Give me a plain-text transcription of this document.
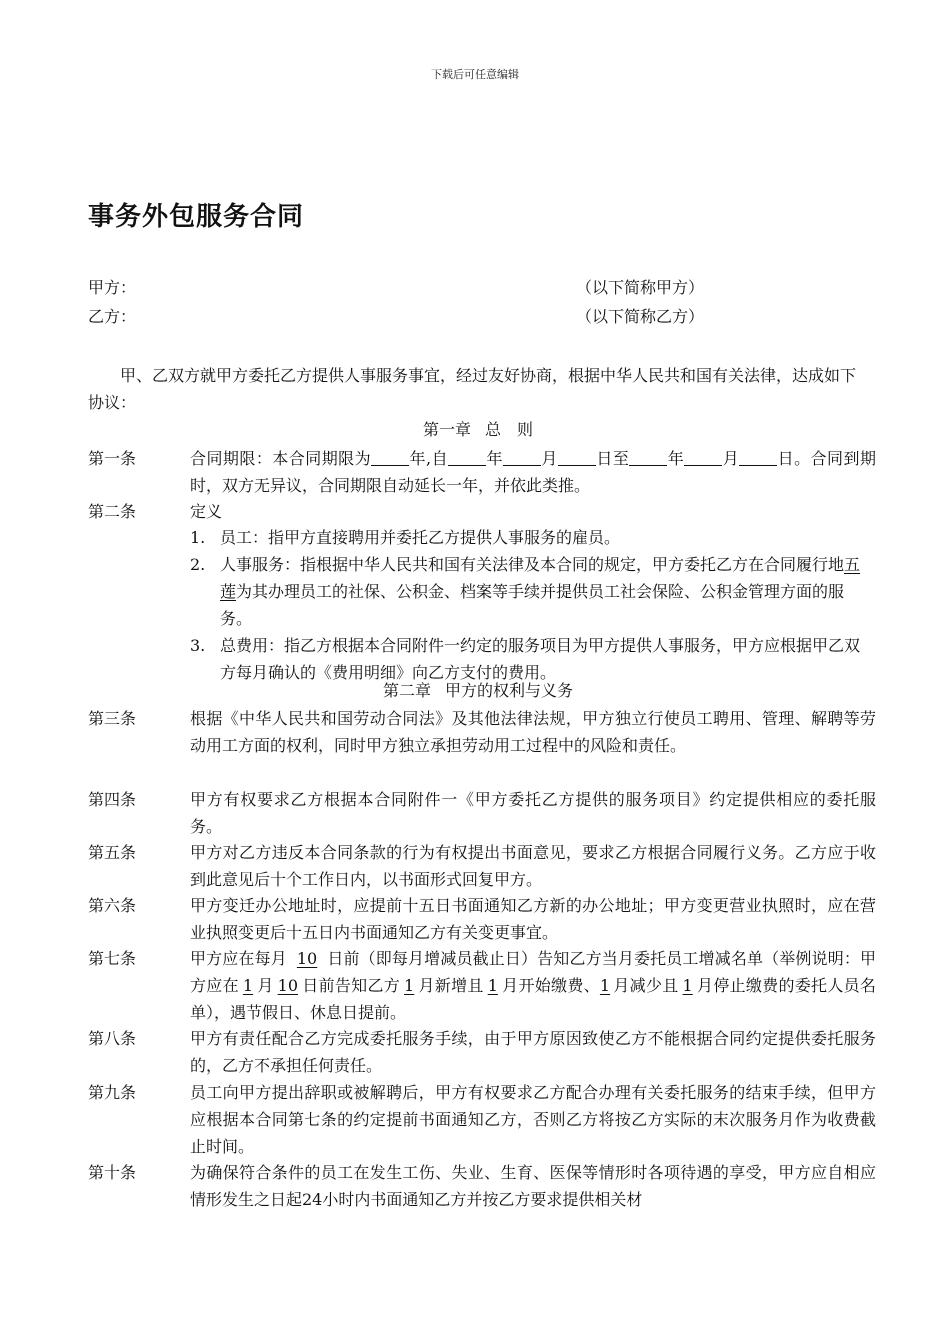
下载后可任意编辑
事务外包服务合同
甲方：	（以下简称甲方）
乙方：	（以下简称乙方）

甲、乙双方就甲方委托乙方提供人事服务事宜，经过友好协商，根据中华人民共和国有关法律，达成如下协议：

第一章 总　则
第一条	合同期限：本合同期限为 年,自 年 月 日至 年 月 日。合同到期时，双方无异议，合同期限自动延长一年，并依此类推。
第二条	定义
1. 员工：指甲方直接聘用并委托乙方提供人事服务的雇员。
2. 人事服务：指根据中华人民共和国有关法律及本合同的规定，甲方委托乙方在合同履行地五莲为其办理员工的社保、公积金、档案等手续并提供员工社会保险、公积金管理方面的服务。
3. 总费用：指乙方根据本合同附件一约定的服务项目为甲方提供人事服务，甲方应根据甲乙双方每月确认的《费用明细》向乙方支付的费用。
第二章 甲方的权利与义务
第三条	根据《中华人民共和国劳动合同法》及其他法律法规，甲方独立行使员工聘用、管理、解聘等劳动用工方面的权利，同时甲方独立承担劳动用工过程中的风险和责任。
第四条	甲方有权要求乙方根据本合同附件一《甲方委托乙方提供的服务项目》约定提供相应的委托服务。
第五条	甲方对乙方违反本合同条款的行为有权提出书面意见，要求乙方根据合同履行义务。乙方应于收到此意见后十个工作日内，以书面形式回复甲方。
第六条	甲方变迁办公地址时，应提前十五日书面通知乙方新的办公地址；甲方变更营业执照时，应在营业执照变更后十五日内书面通知乙方有关变更事宜。
第七条	甲方应在每月 10 日前（即每月增减员截止日）告知乙方当月委托员工增减名单（举例说明：甲方应在 1 月 10 日前告知乙方 1 月新增且 1 月开始缴费、1 月减少且 1 月停止缴费的委托人员名单），遇节假日、休息日提前。
第八条	甲方有责任配合乙方完成委托服务手续，由于甲方原因致使乙方不能根据合同约定提供委托服务的，乙方不承担任何责任。
第九条	员工向甲方提出辞职或被解聘后，甲方有权要求乙方配合办理有关委托服务的结束手续，但甲方应根据本合同第七条的约定提前书面通知乙方，否则乙方将按乙方实际的末次服务月作为收费截止时间。
第十条	为确保符合条件的员工在发生工伤、失业、生育、医保等情形时各项待遇的享受，甲方应自相应情形发生之日起24小时内书面通知乙方并按乙方要求提供相关材
